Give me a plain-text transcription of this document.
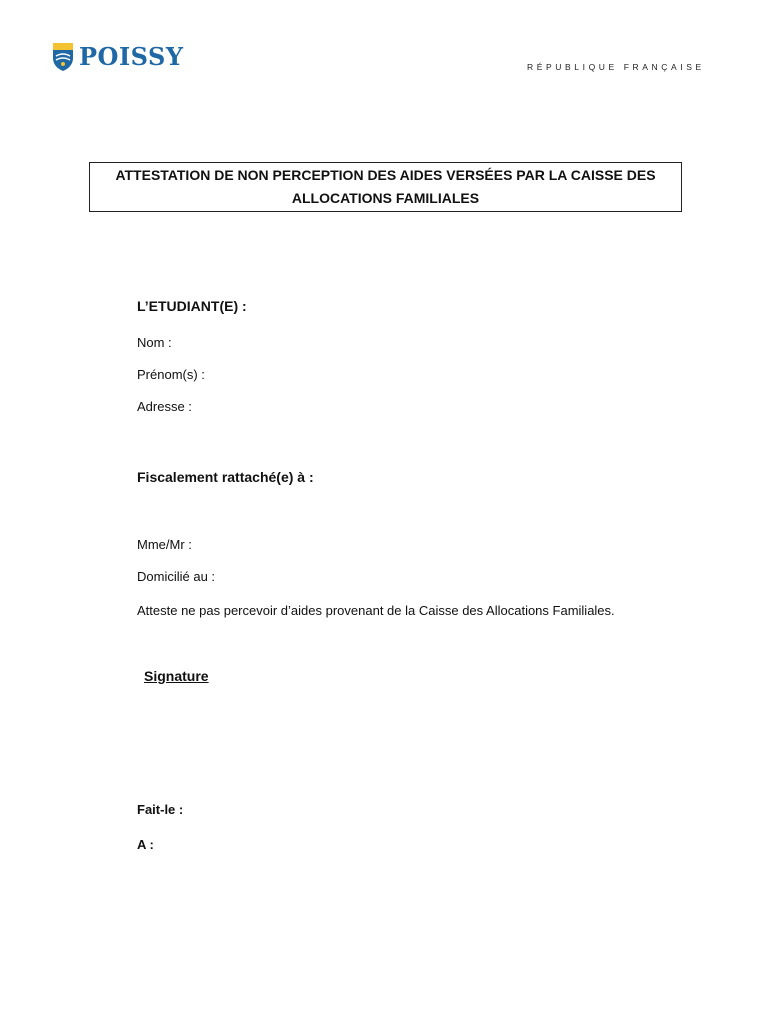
POISSY	RÉPUBLIQUE FRANÇAISE
ATTESTATION DE NON PERCEPTION DES AIDES VERSÉES PAR LA CAISSE DES
ALLOCATIONS FAMILIALES
L’ETUDIANT(E) :
Nom :
Prénom(s) :
Adresse :
Fiscalement rattaché(e) à :
Mme/Mr :
Domicilié au :
Atteste ne pas percevoir d’aides provenant de la Caisse des Allocations Familiales.
Signature
Fait-le :
A :
